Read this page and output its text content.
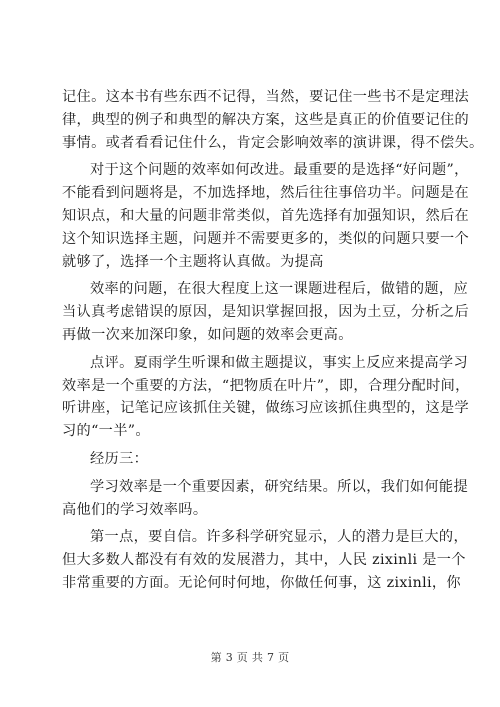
记住。这本书有些东西不记得，当然，要记住一些书不是定理法
律，典型的例子和典型的解决方案，这些是真正的价值要记住的
事情。或者看看记住什么，肯定会影响效率的演讲课，得不偿失。
对于这个问题的效率如何改进。最重要的是选择“好问题”，
不能看到问题将是，不加选择地，然后往往事倍功半。问题是在
知识点，和大量的问题非常类似，首先选择有加强知识，然后在
这个知识选择主题，问题并不需要更多的，类似的问题只要一个
就够了，选择一个主题将认真做。为提高
效率的问题，在很大程度上这一课题进程后，做错的题，应
当认真考虑错误的原因，是知识掌握回报，因为土豆，分析之后
再做一次来加深印象，如问题的效率会更高。
点评。夏雨学生听课和做主题提议，事实上反应来提高学习
效率是一个重要的方法，“把物质在叶片”，即，合理分配时间，
听讲座，记笔记应该抓住关键，做练习应该抓住典型的，这是学
习的“一半”。
经历三：
学习效率是一个重要因素，研究结果。所以，我们如何能提
高他们的学习效率吗。
第一点，要自信。许多科学研究显示，人的潜力是巨大的，
但大多数人都没有有效的发展潜力，其中，人民 zixinli 是一个
非常重要的方面。无论何时何地，你做任何事，这 zixinli，你
第 3 页 共 7 页
